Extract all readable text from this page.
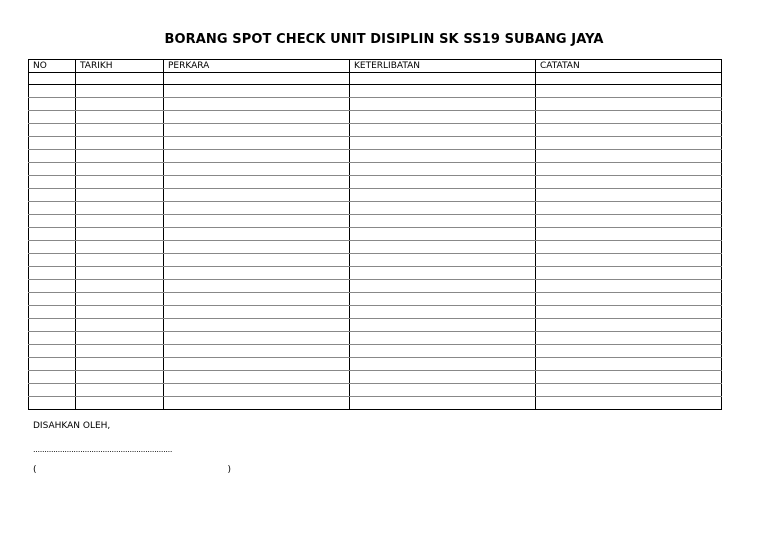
BORANG SPOT CHECK UNIT DISIPLIN SK SS19 SUBANG JAYA
NO	TARIKH	PERKARA	KETERLIBATAN	CATATAN

DISAHKAN OLEH,
..............................................................
(	)
